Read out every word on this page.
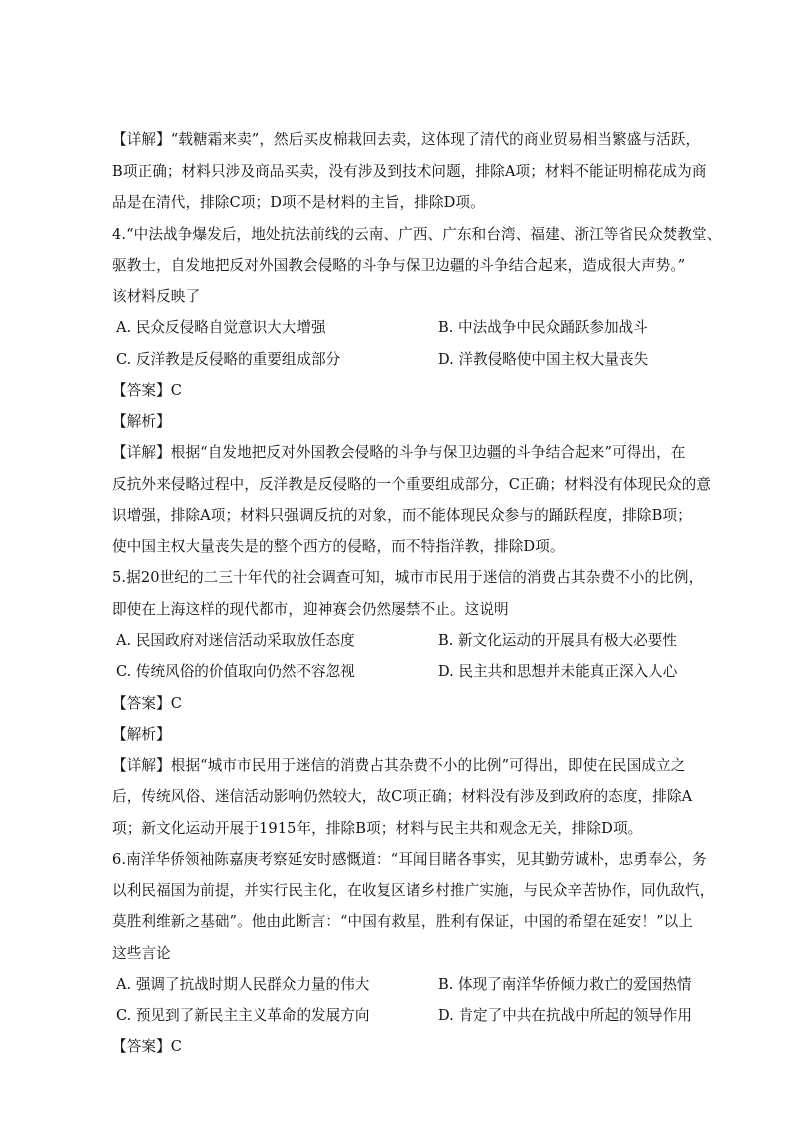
【详解】“载糖霜来卖”，然后买皮棉栽回去卖，这体现了清代的商业贸易相当繁盛与活跃，
B项正确；材料只涉及商品买卖，没有涉及到技术问题，排除A项；材料不能证明棉花成为商
品是在清代，排除C项；D项不是材料的主旨，排除D项。
4.“中法战争爆发后，地处抗法前线的云南、广西、广东和台湾、福建、浙江等省民众焚教堂、
驱教士，自发地把反对外国教会侵略的斗争与保卫边疆的斗争结合起来，造成很大声势。”
该材料反映了
A. 民众反侵略自觉意识大大增强	B. 中法战争中民众踊跃参加战斗
C. 反洋教是反侵略的重要组成部分	D. 洋教侵略使中国主权大量丧失
【答案】C
【解析】
【详解】根据“自发地把反对外国教会侵略的斗争与保卫边疆的斗争结合起来”可得出，在
反抗外来侵略过程中，反洋教是反侵略的一个重要组成部分，C正确；材料没有体现民众的意
识增强，排除A项；材料只强调反抗的对象，而不能体现民众参与的踊跃程度，排除B项；
使中国主权大量丧失是的整个西方的侵略，而不特指洋教，排除D项。
5.据20世纪的二三十年代的社会调查可知，城市市民用于迷信的消费占其杂费不小的比例，
即使在上海这样的现代都市，迎神赛会仍然屡禁不止。这说明
A. 民国政府对迷信活动采取放任态度	B. 新文化运动的开展具有极大必要性
C. 传统风俗的价值取向仍然不容忽视	D. 民主共和思想并未能真正深入人心
【答案】C
【解析】
【详解】根据“城市市民用于迷信的消费占其杂费不小的比例”可得出，即使在民国成立之
后，传统风俗、迷信活动影响仍然较大，故C项正确；材料没有涉及到政府的态度，排除A
项；新文化运动开展于1915年，排除B项；材料与民主共和观念无关，排除D项。
6.南洋华侨领袖陈嘉庚考察延安时感慨道：“耳闻目睹各事实，见其勤劳诚朴，忠勇奉公，务
以利民福国为前提，并实行民主化，在收复区诸乡村推广实施，与民众辛苦协作，同仇敌忾，
莫胜利维新之基础”。他由此断言：“中国有救星，胜利有保证，中国的希望在延安！”以上
这些言论
A. 强调了抗战时期人民群众力量的伟大	B. 体现了南洋华侨倾力救亡的爱国热情
C. 预见到了新民主主义革命的发展方向	D. 肯定了中共在抗战中所起的领导作用
【答案】C
